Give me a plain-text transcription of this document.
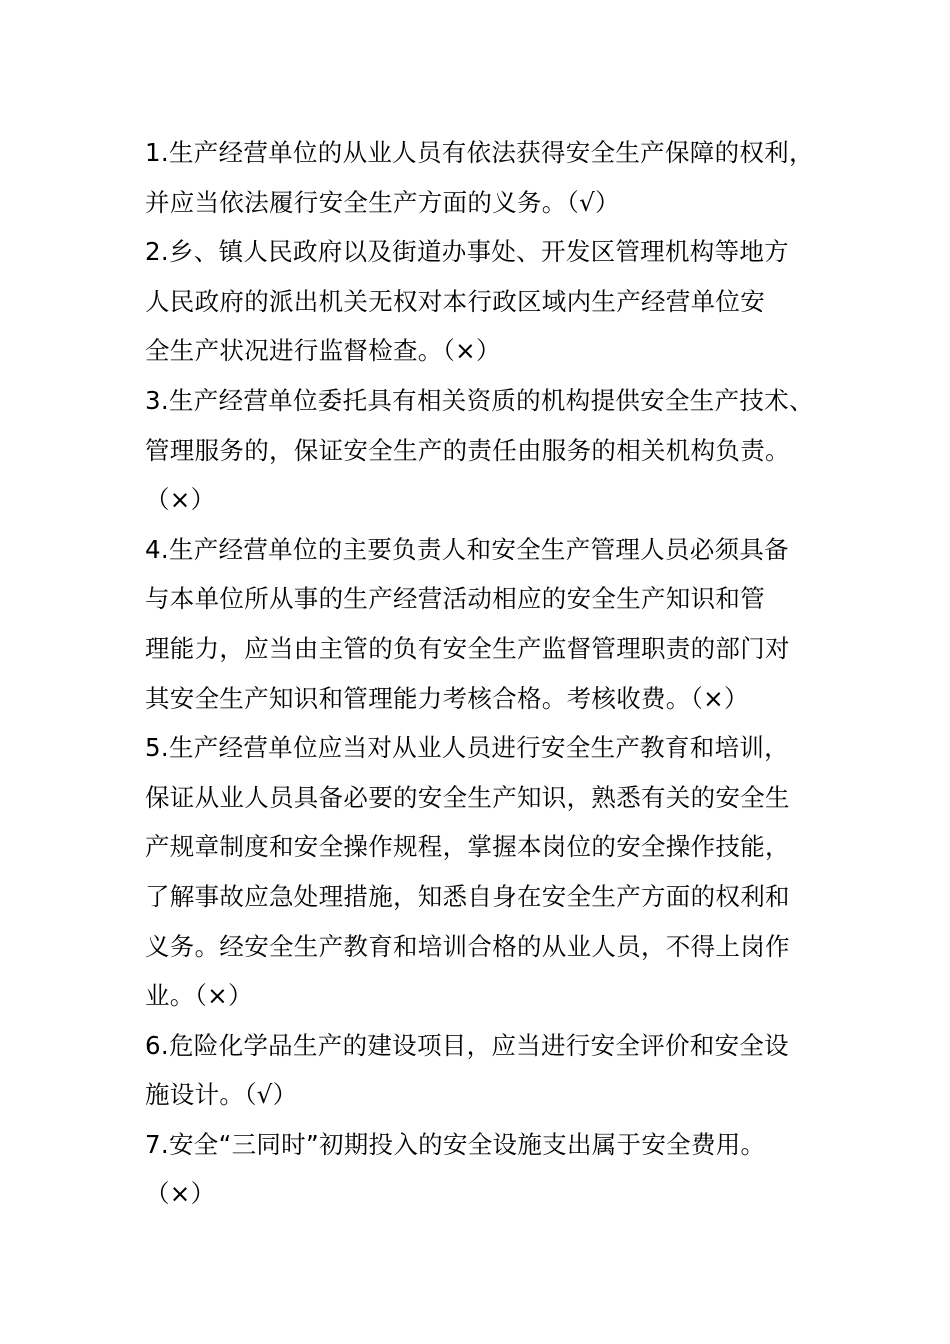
1.生产经营单位的从业人员有依法获得安全生产保障的权利，
并应当依法履行安全生产方面的义务。（√）
2.乡、镇人民政府以及街道办事处、开发区管理机构等地方
人民政府的派出机关无权对本行政区域内生产经营单位安
全生产状况进行监督检查。（×）
3.生产经营单位委托具有相关资质的机构提供安全生产技术、
管理服务的，保证安全生产的责任由服务的相关机构负责。
（×）
4.生产经营单位的主要负责人和安全生产管理人员必须具备
与本单位所从事的生产经营活动相应的安全生产知识和管
理能力，应当由主管的负有安全生产监督管理职责的部门对
其安全生产知识和管理能力考核合格。考核收费。（×）
5.生产经营单位应当对从业人员进行安全生产教育和培训，
保证从业人员具备必要的安全生产知识，熟悉有关的安全生
产规章制度和安全操作规程，掌握本岗位的安全操作技能，
了解事故应急处理措施，知悉自身在安全生产方面的权利和
义务。经安全生产教育和培训合格的从业人员，不得上岗作
业。（×）
6.危险化学品生产的建设项目，应当进行安全评价和安全设
施设计。（√）
7.安全“三同时”初期投入的安全设施支出属于安全费用。
（×）
